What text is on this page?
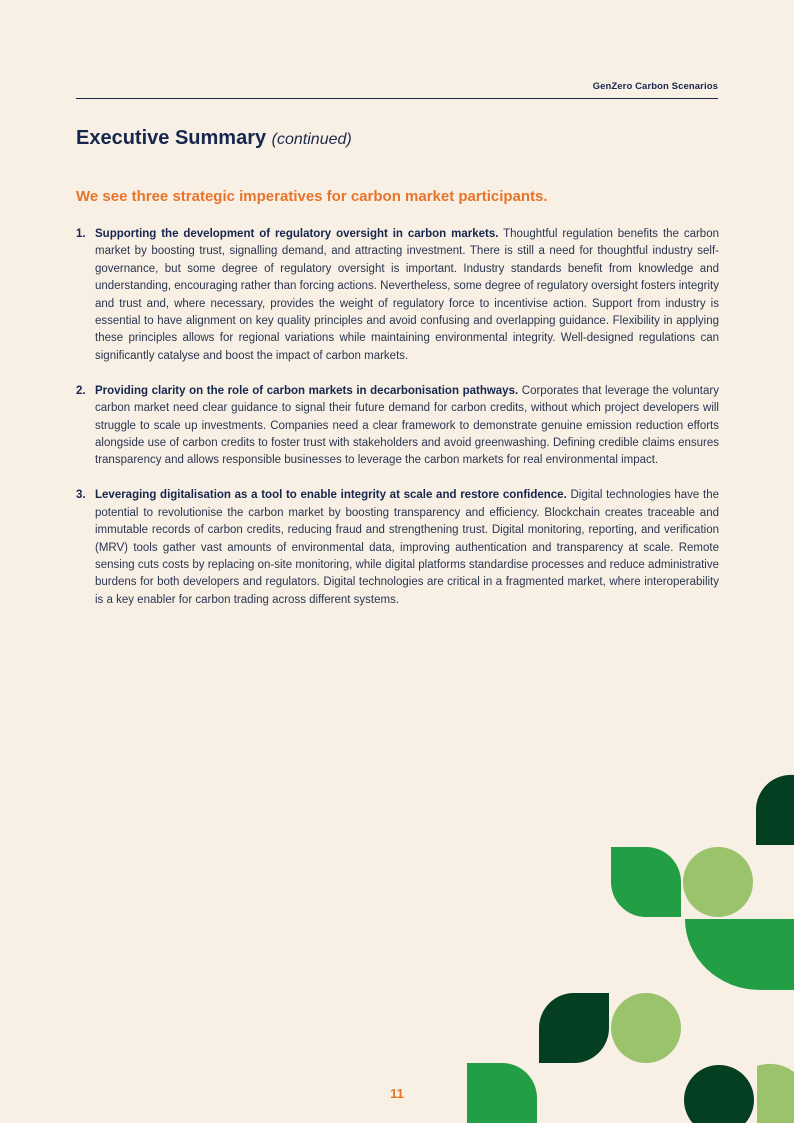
GenZero Carbon Scenarios
Executive Summary (continued)
We see three strategic imperatives for carbon market participants.
1. Supporting the development of regulatory oversight in carbon markets. Thoughtful regulation benefits the carbon market by boosting trust, signalling demand, and attracting investment. There is still a need for thoughtful industry self-governance, but some degree of regulatory oversight is important. Industry standards benefit from knowledge and understanding, encouraging rather than forcing actions. Nevertheless, some degree of regulatory oversight fosters integrity and trust and, where necessary, provides the weight of regulatory force to incentivise action. Support from industry is essential to have alignment on key quality principles and avoid confusing and overlapping guidance. Flexibility in applying these principles allows for regional variations while maintaining environmental integrity. Well-designed regulations can significantly catalyse and boost the impact of carbon markets.

2. Providing clarity on the role of carbon markets in decarbonisation pathways. Corporates that leverage the voluntary carbon market need clear guidance to signal their future demand for carbon credits, without which project developers will struggle to scale up investments. Companies need a clear framework to demonstrate genuine emission reduction efforts alongside use of carbon credits to foster trust with stakeholders and avoid greenwashing. Defining credible claims ensures transparency and allows responsible businesses to leverage the carbon markets for real environmental impact.

3. Leveraging digitalisation as a tool to enable integrity at scale and restore confidence. Digital technologies have the potential to revolutionise the carbon market by boosting transparency and efficiency. Blockchain creates traceable and immutable records of carbon credits, reducing fraud and strengthening trust. Digital monitoring, reporting, and verification (MRV) tools gather vast amounts of environmental data, improving authentication and transparency at scale. Remote sensing cuts costs by replacing on-site monitoring, while digital platforms standardise processes and reduce administrative burdens for both developers and regulators. Digital technologies are critical in a fragmented market, where interoperability is a key enabler for carbon trading across different systems.

11
